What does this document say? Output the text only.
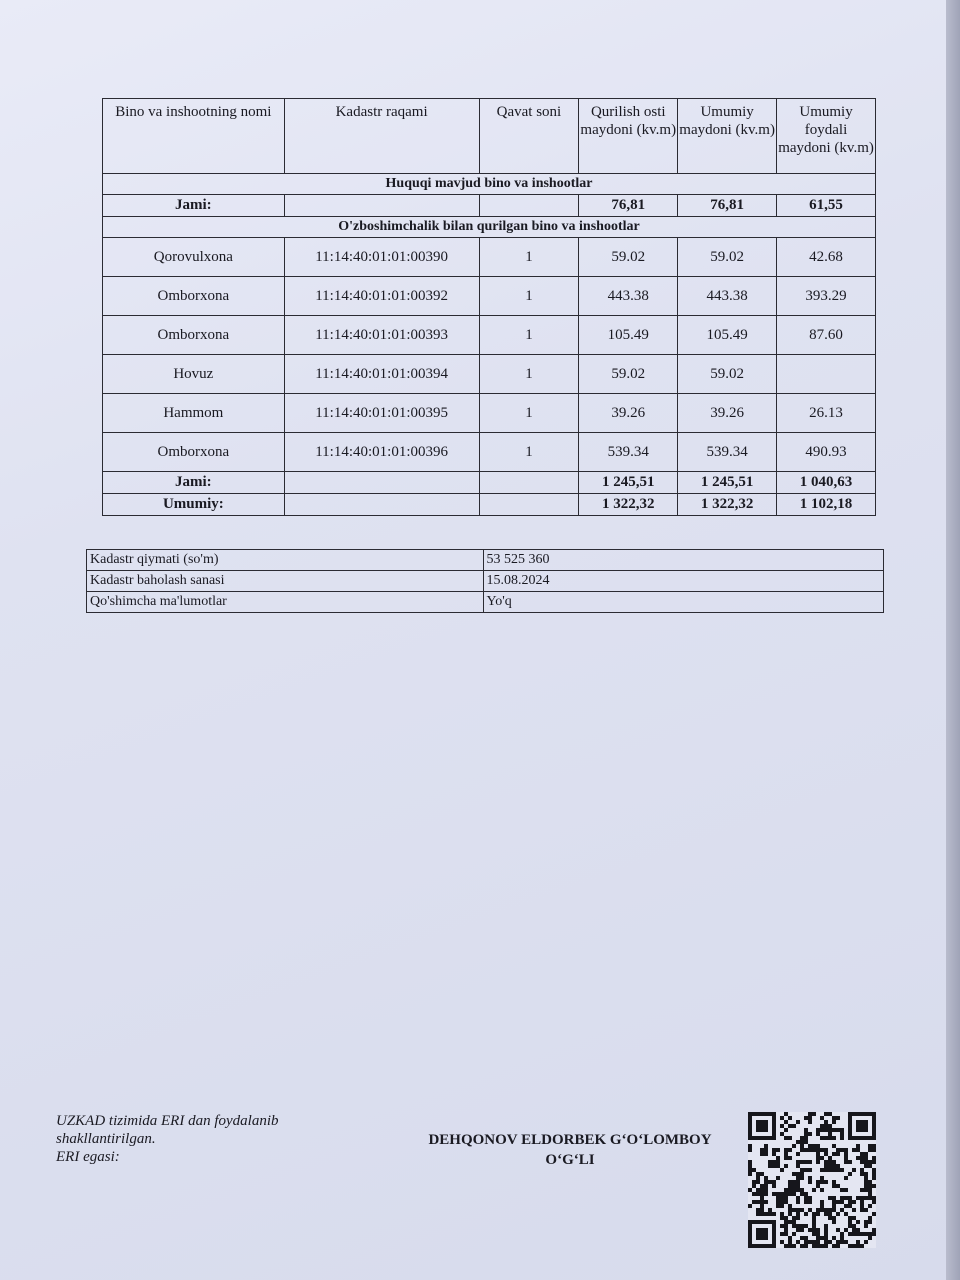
Bino va inshootning nomi	Kadastr raqami	Qavat soni	Qurilish osti maydoni (kv.m)	Umumiy maydoni (kv.m)	Umumiy foydali maydoni (kv.m)
Huquqi mavjud bino va inshootlar					
Jami:			76,81	76,81	61,55
O'zboshimchalik bilan qurilgan bino va inshootlar					
Qorovulxona	11:14:40:01:01:00390	1	59.02	59.02	42.68
Omborxona	11:14:40:01:01:00392	1	443.38	443.38	393.29
Omborxona	11:14:40:01:01:00393	1	105.49	105.49	87.60
Hovuz	11:14:40:01:01:00394	1	59.02	59.02	
Hammom	11:14:40:01:01:00395	1	39.26	39.26	26.13
Omborxona	11:14:40:01:01:00396	1	539.34	539.34	490.93
Jami:			1 245,51	1 245,51	1 040,63
Umumiy:			1 322,32	1 322,32	1 102,18
Kadastr qiymati (so'm)	53 525 360
Kadastr baholash sanasi	15.08.2024
Qo'shimcha ma'lumotlar	Yo'q
UZKAD tizimida ERI dan foydalanib
shakllantirilgan.
ERI egasi:
DEHQONOV ELDORBEK G‘O‘LOMBOY
O‘G‘LI
